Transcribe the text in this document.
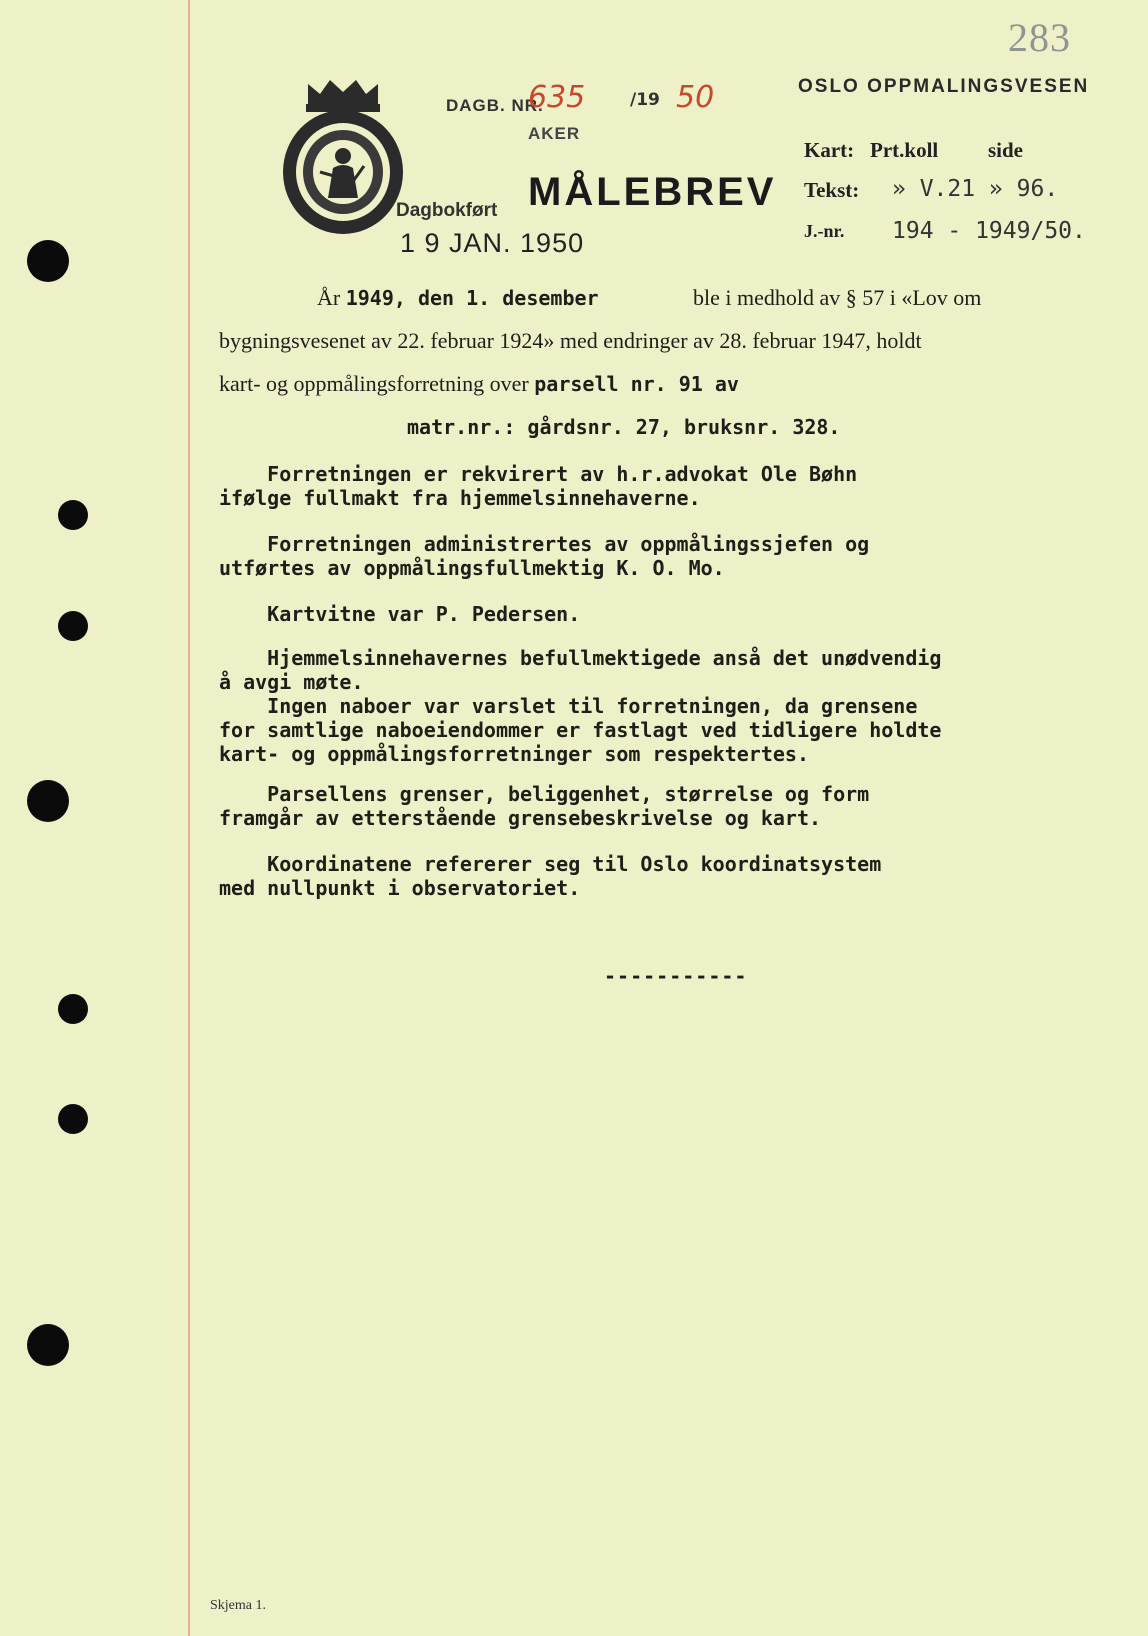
283
DAGB. NR.
635	/19 50
AKER
MÅLEBREV
Dagbokført
1 9 JAN. 1950
OSLO OPPMALINGSVESEN
Kart: Prt.koll side
Tekst: » V.21 » 96.
J.-nr. 194 - 1949/50.
År 1949, den 1. desember	ble i medhold av § 57 i «Lov om
bygningsvesenet av 22. februar 1924» med endringer av 28. februar 1947, holdt
kart- og oppmålingsforretning over parsell nr. 91 av
matr.nr.: gårdsnr. 27, bruksnr. 328.
Forretningen er rekvirert av h.r.advokat Ole Bøhn
ifølge fullmakt fra hjemmelsinnehaverne.
Forretningen administrertes av oppmålingssjefen og
utførtes av oppmålingsfullmektig K. O. Mo.
Kartvitne var P. Pedersen.
Hjemmelsinnehavernes befullmektigede anså det unødvendig
å avgi møte.
Ingen naboer var varslet til forretningen, da grensene
for samtlige naboeiendommer er fastlagt ved tidligere holdte
kart- og oppmålingsforretninger som respektertes.
Parsellens grenser, beliggenhet, størrelse og form
framgår av etterstående grensebeskrivelse og kart.
Koordinatene refererer seg til Oslo koordinatsystem
med nullpunkt i observatoriet.
-----------
Skjema 1.
